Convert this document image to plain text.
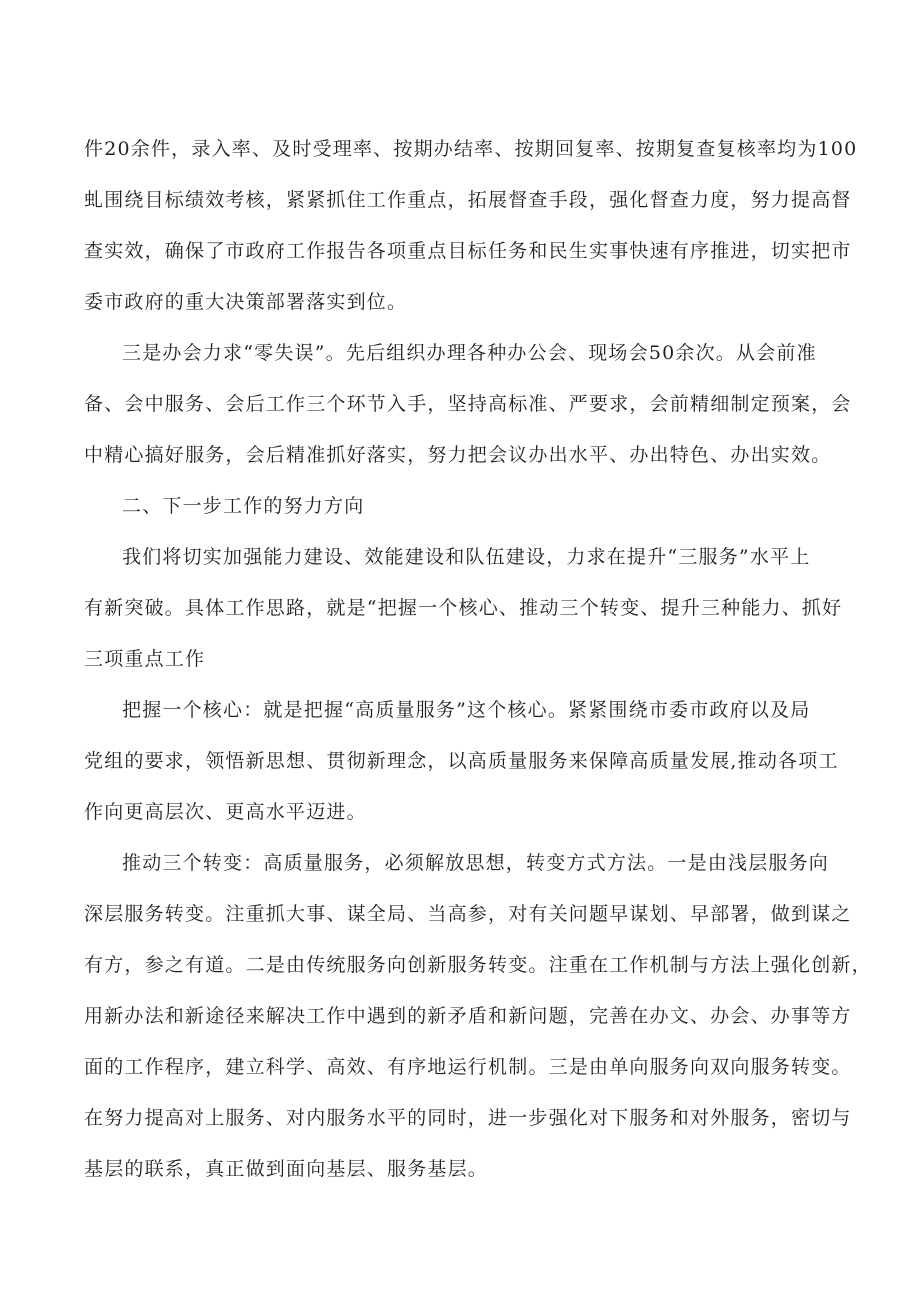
件20余件，录入率、及时受理率、按期办结率、按期回复率、按期复查复核率均为100
虬围绕目标绩效考核，紧紧抓住工作重点，拓展督查手段，强化督查力度，努力提高督
查实效，确保了市政府工作报告各项重点目标任务和民生实事快速有序推进，切实把市
委市政府的重大决策部署落实到位。
三是办会力求“零失误”。先后组织办理各种办公会、现场会50余次。从会前准
备、会中服务、会后工作三个环节入手，坚持高标准、严要求，会前精细制定预案，会
中精心搞好服务，会后精准抓好落实，努力把会议办出水平、办出特色、办出实效。
二、下一步工作的努力方向
我们将切实加强能力建设、效能建设和队伍建设，力求在提升“三服务”水平上
有新突破。具体工作思路，就是“把握一个核心、推动三个转变、提升三种能力、抓好
三项重点工作
把握一个核心：就是把握“高质量服务”这个核心。紧紧围绕市委市政府以及局
党组的要求，领悟新思想、贯彻新理念，以高质量服务来保障高质量发展,推动各项工
作向更高层次、更高水平迈进。
推动三个转变：高质量服务，必须解放思想，转变方式方法。一是由浅层服务向
深层服务转变。注重抓大事、谋全局、当高参，对有关问题早谋划、早部署，做到谋之
有方，参之有道。二是由传统服务向创新服务转变。注重在工作机制与方法上强化创新，
用新办法和新途径来解决工作中遇到的新矛盾和新问题，完善在办文、办会、办事等方
面的工作程序，建立科学、高效、有序地运行机制。三是由单向服务向双向服务转变。
在努力提高对上服务、对内服务水平的同时，进一步强化对下服务和对外服务，密切与
基层的联系，真正做到面向基层、服务基层。
